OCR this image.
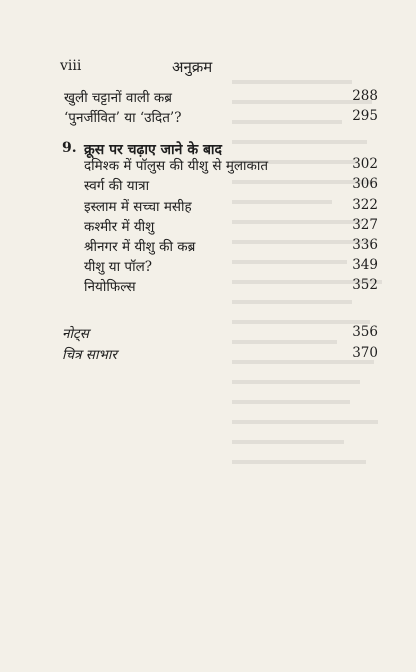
viii	अनुक्रम
खुली चट्टानों वाली कब्र	288
‘पुनर्जीवित’ या ‘उदित’?	295
9. क्रूस पर चढ़ाए जाने के बाद
दमिश्क में पॉलुस की यीशु से मुलाकात	302
स्वर्ग की यात्रा	306
इस्लाम में सच्चा मसीह	322
कश्मीर में यीशु	327
श्रीनगर में यीशु की कब्र	336
यीशु या पॉल?	349
नियोफिल्स	352
नोट्स	356
चित्र साभार	370
